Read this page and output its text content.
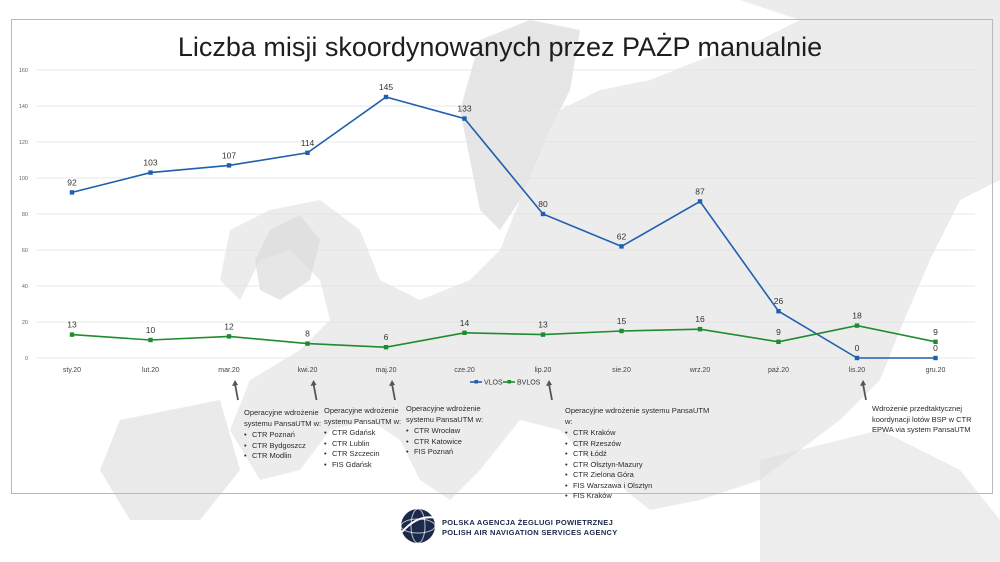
Liczba misji skoordynowanych przez PAŻP manualnie
0
20
40
60
80
100
120
140
160
sty.20	lut.20	mar.20	kwi.20	maj.20	cze.20	lip.20	sie.20	wrz.20	paź.20	lis.20	gru.20
92
103
107
114
145
133
80
62
87
26
0	0
13
10	12
8	6
14	13	15	16
9
18
9
VLOS BVLOS
Operacyjne wdrożenie systemu PansaUTM w:
• CTR Poznań
• CTR Bydgoszcz
• CTR Modlin
Operacyjne wdrożenie systemu PansaUTM w:
• CTR Gdańsk
• CTR Lublin
• CTR Szczecin
• FIS Gdańsk
Operacyjne wdrożenie systemu PansaUTM w:
• CTR Wrocław
• CTR Katowice
• FIS Poznań
Operacyjne wdrożenie systemu PansaUTM w:
• CTR Kraków
• CTR Rzeszów
• CTR Łódź
• CTR Olsztyn-Mazury
• CTR Zielona Góra
• FIS Warszawa i Olsztyn
• FIS Kraków
Wdrożenie przedtaktycznej koordynacji lotów BSP w CTR EPWA via system PansaUTM
POLSKA AGENCJA ŻEGLUGI POWIETRZNEJ
POLISH AIR NAVIGATION SERVICES AGENCY
